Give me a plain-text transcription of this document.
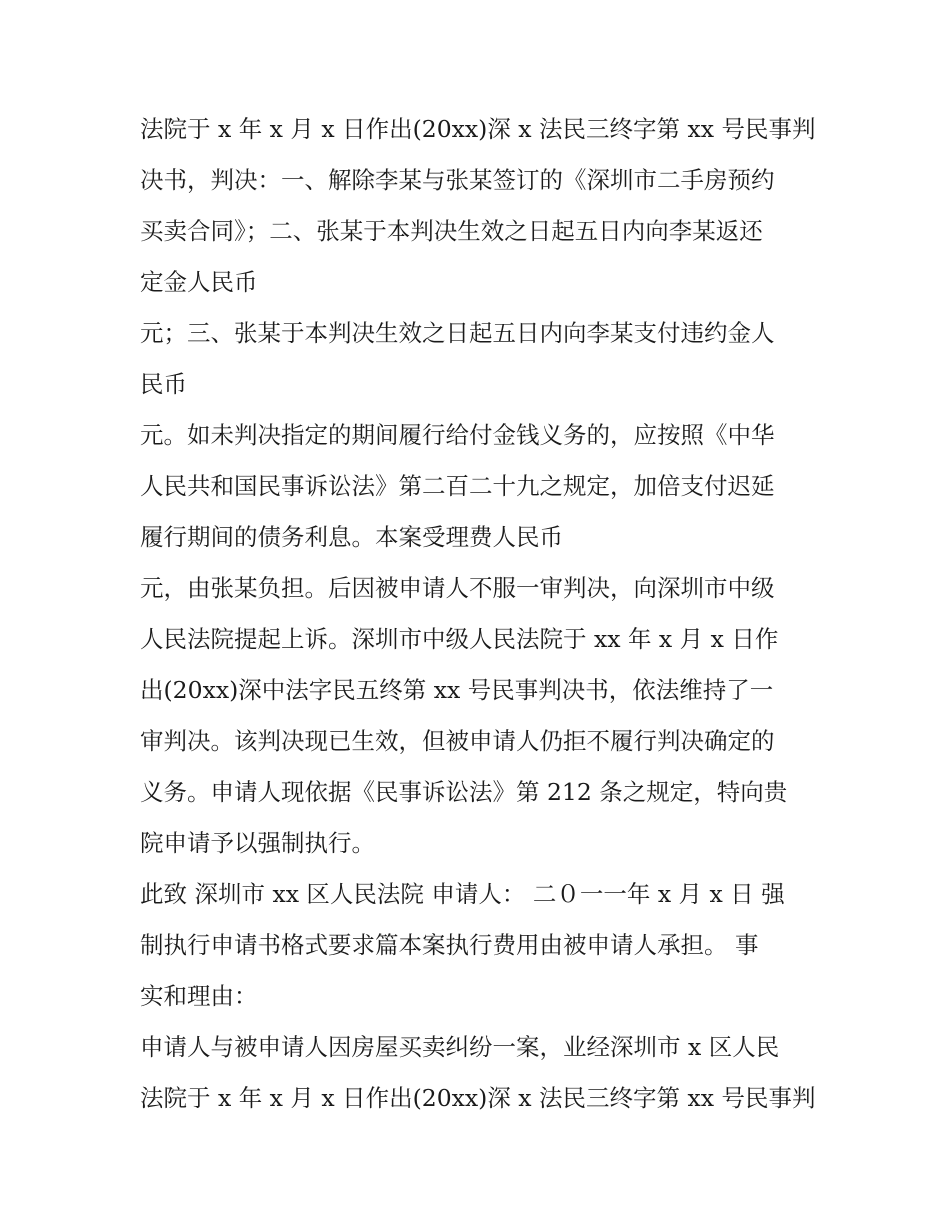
法院于 x 年 x 月 x 日作出(20xx)深 x 法民三终字第 xx 号民事判
决书，判决：一、解除李某与张某签订的《深圳市二手房预约
买卖合同》；二、张某于本判决生效之日起五日内向李某返还
定金人民币
元；三、张某于本判决生效之日起五日内向李某支付违约金人
民币
元。如未判决指定的期间履行给付金钱义务的，应按照《中华
人民共和国民事诉讼法》第二百二十九之规定，加倍支付迟延
履行期间的债务利息。本案受理费人民币
元，由张某负担。后因被申请人不服一审判决，向深圳市中级
人民法院提起上诉。深圳市中级人民法院于 xx 年 x 月 x 日作
出(20xx)深中法字民五终第 xx 号民事判决书，依法维持了一
审判决。该判决现已生效，但被申请人仍拒不履行判决确定的
义务。申请人现依据《民事诉讼法》第 212 条之规定，特向贵
院申请予以强制执行。
此致 深圳市 xx 区人民法院 申请人： 二０一一年 x 月 x 日 强
制执行申请书格式要求篇本案执行费用由被申请人承担。 事
实和理由：
申请人与被申请人因房屋买卖纠纷一案，业经深圳市 x 区人民
法院于 x 年 x 月 x 日作出(20xx)深 x 法民三终字第 xx 号民事判
